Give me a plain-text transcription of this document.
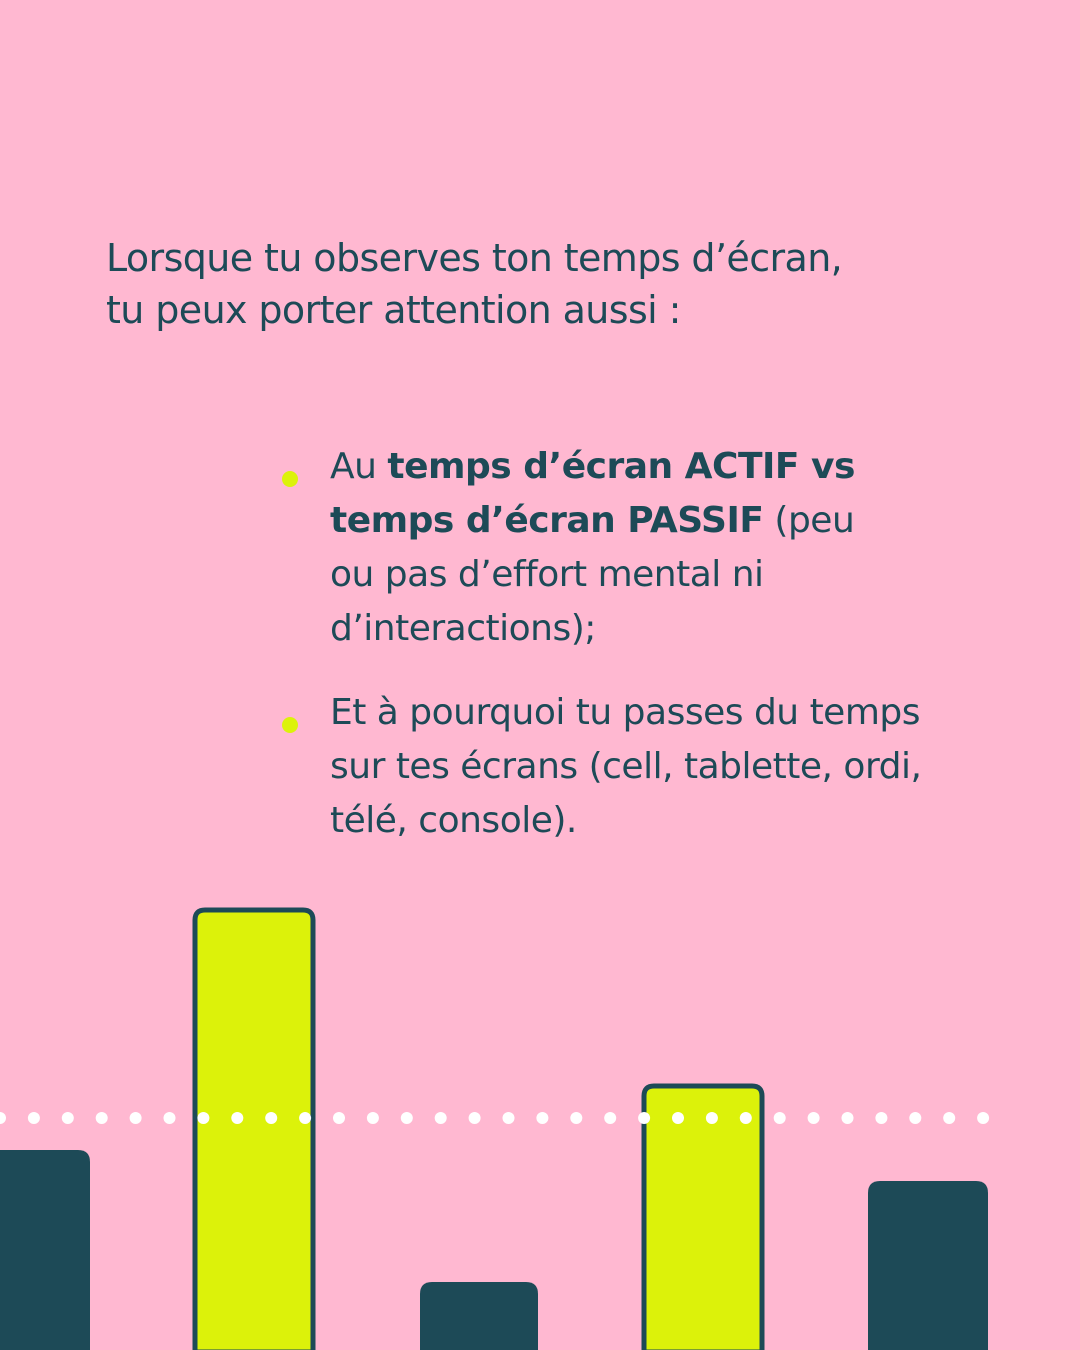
Lorsque tu observes ton temps d’écran,
tu peux porter attention aussi :
Au temps d’écran ACTIF vs
temps d’écran PASSIF (peu
ou pas d’effort mental ni
d’interactions);
Et à pourquoi tu passes du temps
sur tes écrans (cell, tablette, ordi,
télé, console).
